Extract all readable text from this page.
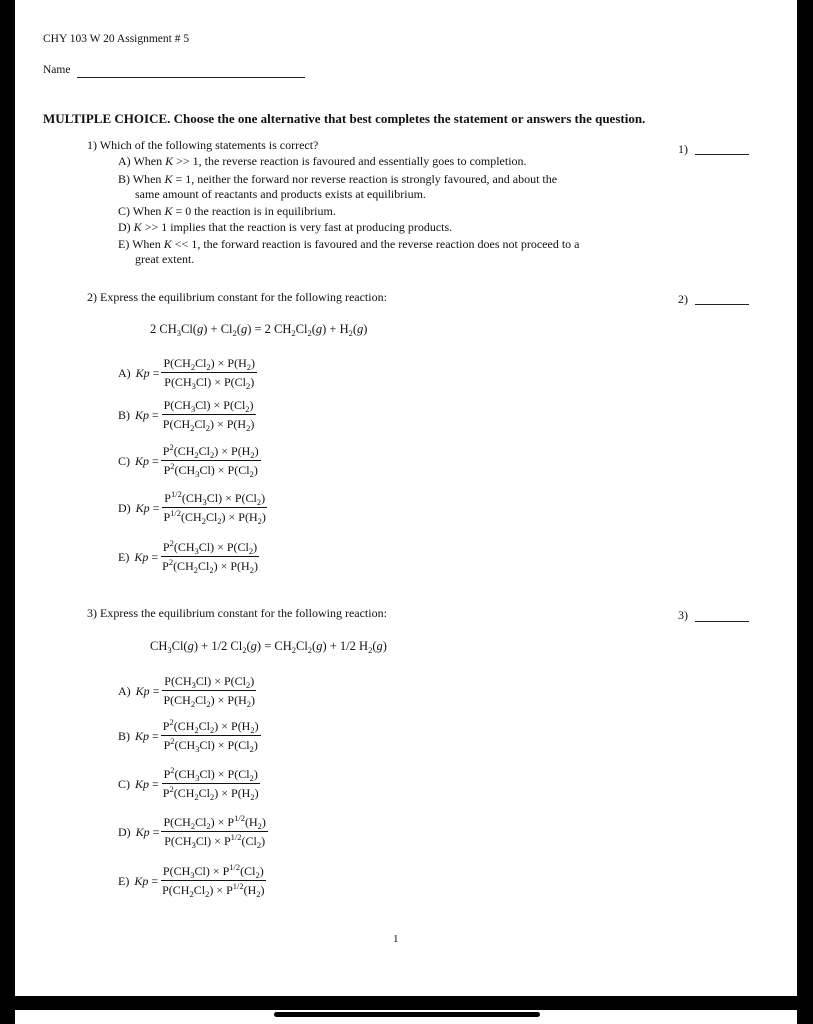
CHY 103 W 20 Assignment # 5
Name
MULTIPLE CHOICE. Choose the one alternative that best completes the statement or answers the question.
1) Which of the following statements is correct?	1)
A) When K >> 1, the reverse reaction is favoured and essentially goes to completion.
B) When K = 1, neither the forward nor reverse reaction is strongly favoured, and about the
same amount of reactants and products exists at equilibrium.
C) When K = 0 the reaction is in equilibrium.
D) K >> 1 implies that the reaction is very fast at producing products.
E) When K << 1, the forward reaction is favoured and the reverse reaction does not proceed to a
great extent.
2) Express the equilibrium constant for the following reaction:	2)
2 $CH_3Cl(g) + Cl_2(g) = 2$ $CH_2Cl_2(g) + H_2(g)$
A)
$Kp = \frac{P(CH_2Cl_2) \times P(H_2)}{P(CH_3Cl) \times P(Cl_2)}$
B)
$Kp = \frac{P(CH_3Cl) \times P(Cl_2)}{P(CH_2Cl_2) \times P(H_2)}$
C)
$Kp = \frac{P^2(CH_2Cl_2) \times P(H_2)}{P^2(CH_3Cl) \times P(Cl_2)}$
D)
$Kp = \frac{P^{1/2}(CH_3Cl) \times P(Cl_2)}{P^{1/2}(CH_2Cl_2) \times P(H_2)}$
E)
$Kp = \frac{P^2(CH_3Cl) \times P(Cl_2)}{P^2(CH_2Cl_2) \times P(H_2)}$
3) Express the equilibrium constant for the following reaction:	3)
$CH_3Cl(g) + 1/2$ $Cl_2(g) = CH_2Cl_2(g) + 1/2$ $H_2(g)$
A)
$Kp = \frac{P(CH_3Cl) \times P(Cl_2)}{P(CH_2Cl_2) \times P(H_2)}$
B)
$Kp = \frac{P^2(CH_2Cl_2) \times P(H_2)}{P^2(CH_3Cl) \times P(Cl_2)}$
C)
$Kp = \frac{P^2(CH_3Cl) \times P(Cl_2)}{P^2(CH_2Cl_2) \times P(H_2)}$
D)
$Kp = \frac{P(CH_2Cl_2) \times P^{1/2}(H_2)}{P(CH_3Cl) \times P^{1/2}(Cl_2)}$
E)
$Kp = \frac{P(CH_3Cl) \times P^{1/2}(Cl_2)}{P(CH_2Cl_2) \times P^{1/2}(H_2)}$
1
